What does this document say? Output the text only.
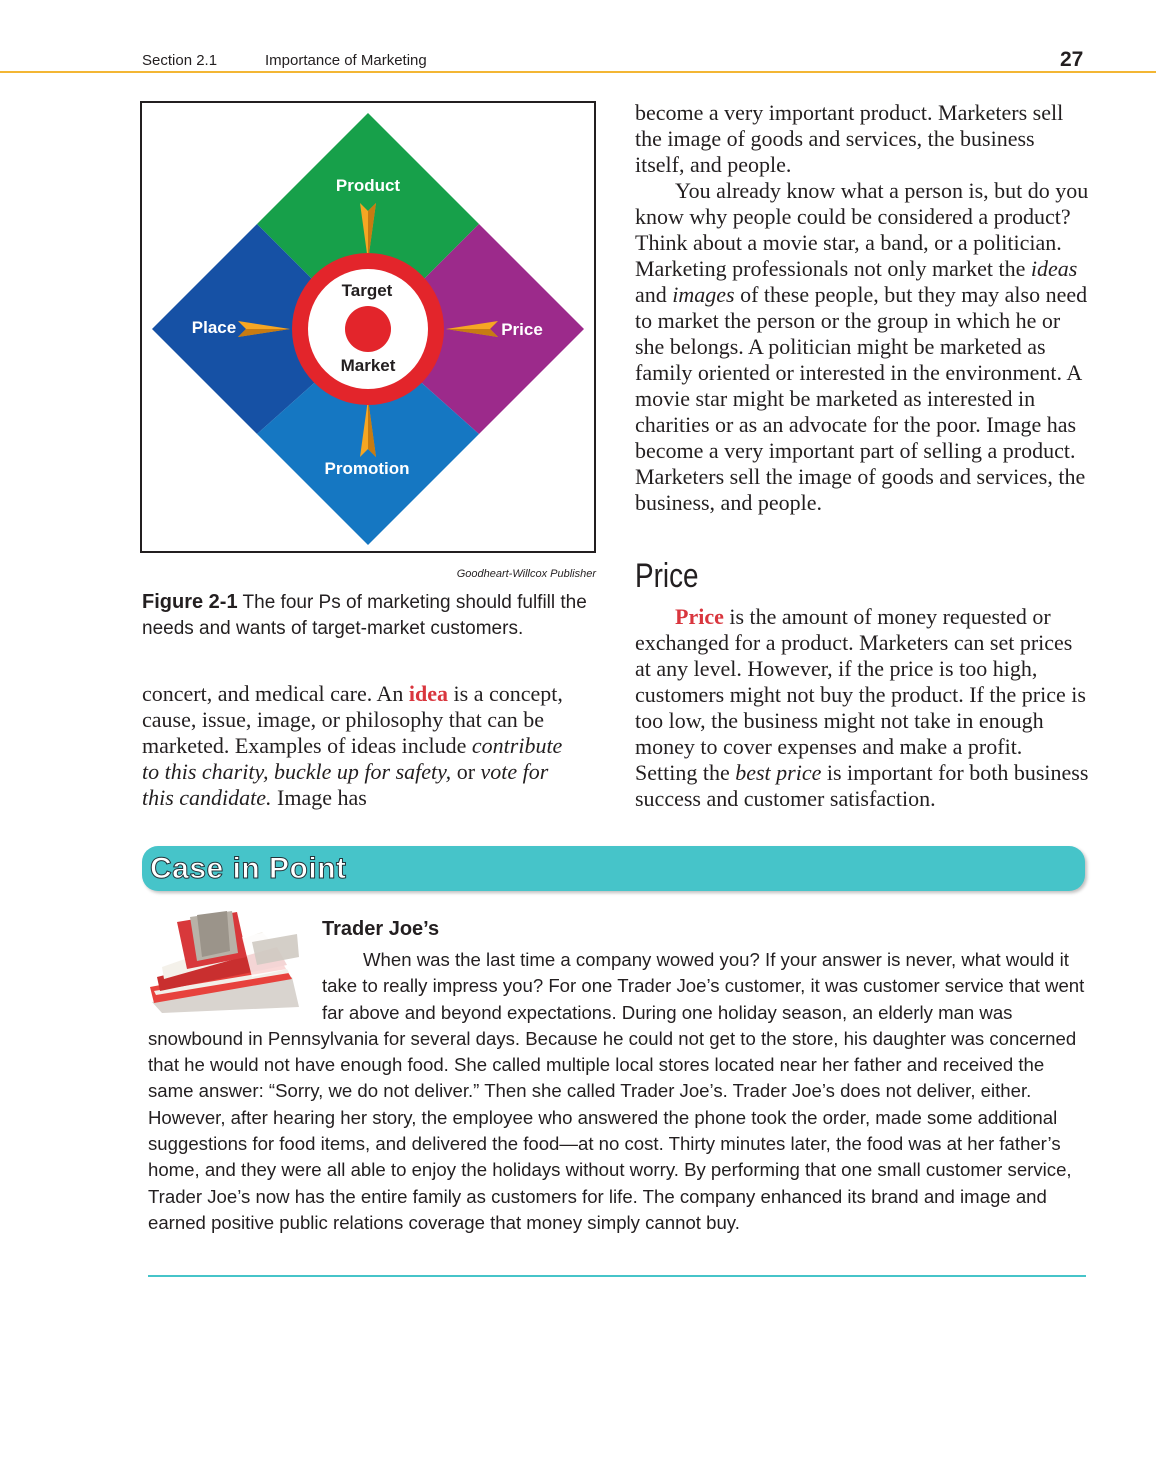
Section 2.1	Importance of Marketing	27
Product
Price
Place
Promotion
Target
Market
Goodheart-Willcox Publisher
Figure 2-1 The four Ps of marketing should fulfill the needs and wants of target-market customers.

concert, and medical care. An idea is a concept, cause, issue, image, or philosophy that can be marketed. Examples of ideas include contribute to this charity, buckle up for safety, or vote for this candidate. Image has

become a very important product. Marketers sell the image of goods and services, the business itself, and people.

You already know what a person is, but do you know why people could be considered a product? Think about a movie star, a band, or a politician. Marketing professionals not only market the ideas and images of these people, but they may also need to market the person or the group in which he or she belongs. A politician might be marketed as family oriented or interested in the environment. A movie star might be marketed as interested in charities or as an advocate for the poor. Image has become a very important part of selling a product. Marketers sell the image of goods and services, the business, and people.

Price

Price is the amount of money requested or exchanged for a product. Marketers can set prices at any level. However, if the price is too high, customers might not buy the product. If the price is too low, the business might not take in enough money to cover expenses and make a profit. Setting the best price is important for both business success and customer satisfaction.

Case in Point
Trader Joe’s
When was the last time a company wowed you? If your answer is never, what would it take to really impress you? For one Trader Joe’s customer, it was customer service that went far above and beyond expectations. During one holiday season, an elderly man was snowbound in Pennsylvania for several days. Because he could not get to the store, his daughter was concerned that he would not have enough food. She called multiple local stores located near her father and received the same answer: “Sorry, we do not deliver.” Then she called Trader Joe’s. Trader Joe’s does not deliver, either. However, after hearing her story, the employee who answered the phone took the order, made some additional suggestions for food items, and delivered the food—at no cost. Thirty minutes later, the food was at her father’s home, and they were all able to enjoy the holidays without worry. By performing that one small customer service, Trader Joe’s now has the entire family as customers for life. The company enhanced its brand and image and earned positive public relations coverage that money simply cannot buy.
